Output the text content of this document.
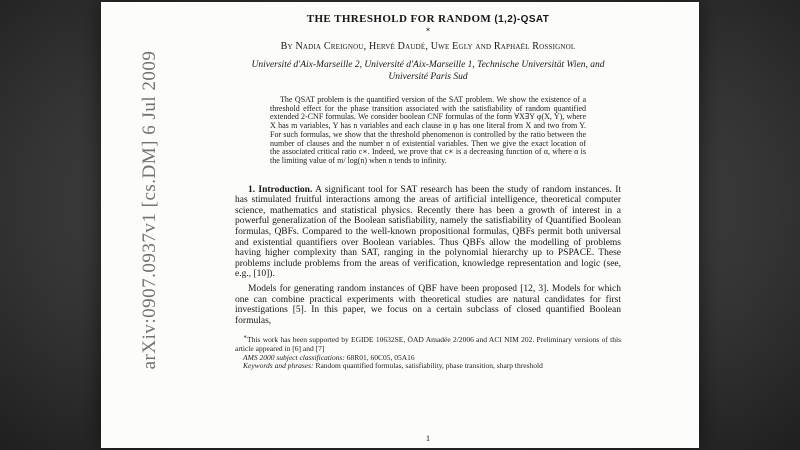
arXiv:0907.0937v1 [cs.DM] 6 Jul 2009
THE THRESHOLD FOR RANDOM (1,2)-QSAT
∗
By Nadia Creignou, Hervé Daudé, Uwe Egly and Raphaël Rossignol
Université d'Aix-Marseille 2, Université d'Aix-Marseille 1, Technische Universität Wien, and Université Paris Sud
The QSAT problem is the quantified version of the SAT problem. We show the existence of a threshold effect for the phase transition associated with the satisfiability of random quantified extended 2-CNF formulas. We consider boolean CNF formulas of the form ∀X∃Y φ(X, Y), where X has m variables, Y has n variables and each clause in φ has one literal from X and two from Y. For such formulas, we show that the threshold phenomenon is controlled by the ratio between the number of clauses and the number n of existential variables. Then we give the exact location of the associated critical ratio c∗. Indeed, we prove that c∗ is a decreasing function of α, where α is the limiting value of m/ log(n) when n tends to infinity.

1. Introduction. A significant tool for SAT research has been the study of random instances. It has stimulated fruitful interactions among the areas of artificial intelligence, theoretical computer science, mathematics and statistical physics. Recently there has been a growth of interest in a powerful generalization of the Boolean satisfiability, namely the satisfiability of Quantified Boolean formulas, QBFs. Compared to the well-known propositional formulas, QBFs permit both universal and existential quantifiers over Boolean variables. Thus QBFs allow the modelling of problems having higher complexity than SAT, ranging in the polynomial hierarchy up to PSPACE. These problems include problems from the areas of verification, knowledge representation and logic (see, e.g., [10]).

Models for generating random instances of QBF have been proposed [12, 3]. Models for which one can combine practical experiments with theoretical studies are natural candidates for first investigations [5]. In this paper, we focus on a certain subclass of closed quantified Boolean formulas,

∗This work has been supported by EGIDE 10632SE, ÖAD Amadée 2/2006 and ACI NIM 202. Preliminary versions of this article appeared in [6] and [7]

AMS 2000 subject classifications: 68R01, 60C05, 05A16

Keywords and phrases: Random quantified formulas, satisfiability, phase transition, sharp threshold

1
